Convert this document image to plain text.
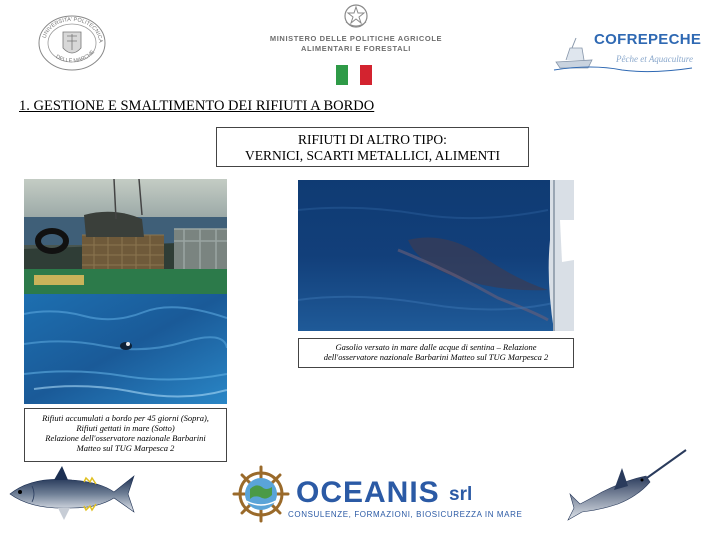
UNIVERSITA' POLITECNICA
DELLE MARCHE
MINISTERO DELLE POLITICHE AGRICOLE
ALIMENTARI E FORESTALI
COFREPECHE
Pêche et Aquaculture
1. GESTIONE E SMALTIMENTO DEI RIFIUTI A BORDO
RIFIUTI DI ALTRO TIPO:
VERNICI, SCARTI METALLICI, ALIMENTI
Gasolio versato in mare dalle acque di sentina – Relazione
dell'osservatore nazionale Barbarini Matteo sul TUG Marpesca 2
Rifiuti accumulati a bordo per 45 giorni (Sopra),
Rifiuti gettati in mare (Sotto)
Relazione dell'osservatore nazionale Barbarini
Matteo sul TUG Marpesca 2
OCEANIS srl
CONSULENZE, FORMAZIONI, BIOSICUREZZA IN MARE
